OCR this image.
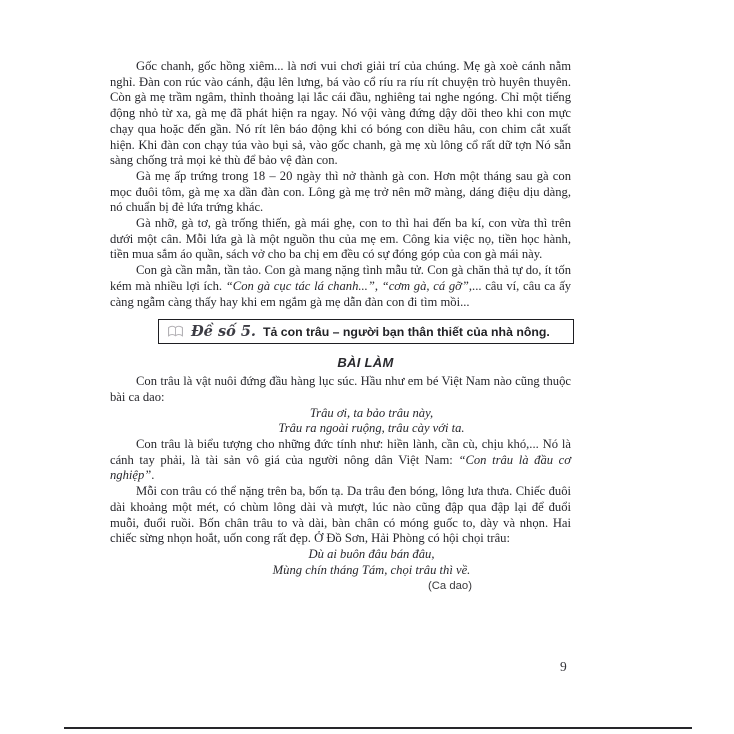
Gốc chanh, gốc hồng xiêm... là nơi vui chơi giải trí của chúng. Mẹ gà xoè cánh nằm nghỉ. Đàn con rúc vào cánh, đậu lên lưng, bá vào cổ ríu ra ríu rít chuyện trò huyên thuyên. Còn gà mẹ trầm ngâm, thỉnh thoảng lại lắc cái đầu, nghiêng tai nghe ngóng. Chỉ một tiếng động nhỏ từ xa, gà mẹ đã phát hiện ra ngay. Nó vội vàng đứng dậy dõi theo khi con mực chạy qua hoặc đến gần. Nó rít lên báo động khi có bóng con diều hâu, con chim cắt xuất hiện. Khi đàn con chạy túa vào bụi sả, vào gốc chanh, gà mẹ xù lông cổ rất dữ tợn Nó sẵn sàng chống trả mọi kẻ thù để bảo vệ đàn con.

Gà mẹ ấp trứng trong 18 – 20 ngày thì nở thành gà con. Hơn một tháng sau gà con mọc đuôi tôm, gà mẹ xa dần đàn con. Lông gà mẹ trở nên mỡ màng, dáng điệu dịu dàng, nó chuẩn bị đẻ lứa trứng khác.

Gà nhỡ, gà tơ, gà trống thiến, gà mái ghẹ, con to thì hai đến ba kí, con vừa thì trên dưới một cân. Mỗi lứa gà là một nguồn thu của mẹ em. Công kia việc nọ, tiền học hành, tiền mua sắm áo quần, sách vở cho ba chị em đều có sự đóng góp của con gà mái này.

Con gà cần mẫn, tần tảo. Con gà mang nặng tình mẫu tử. Con gà chăn thả tự do, ít tốn kém mà nhiều lợi ích. “Con gà cục tác lá chanh...”, “cơm gà, cá gỡ”,... câu ví, câu ca ấy càng ngẫm càng thấy hay khi em ngắm gà mẹ dẫn đàn con đi tìm mồi...

Đề số 5. Tả con trâu – người bạn thân thiết của nhà nông.
BÀI LÀM

Con trâu là vật nuôi đứng đầu hàng lục súc. Hầu như em bé Việt Nam nào cũng thuộc bài ca dao:

Trâu ơi, ta bảo trâu này,
Trâu ra ngoài ruộng, trâu cày với ta.

Con trâu là biểu tượng cho những đức tính như: hiền lành, cần cù, chịu khó,... Nó là cánh tay phải, là tài sản vô giá của người nông dân Việt Nam: “Con trâu là đầu cơ nghiệp”.

Mỗi con trâu có thể nặng trên ba, bốn tạ. Da trâu đen bóng, lông lưa thưa. Chiếc đuôi dài khoảng một mét, có chùm lông dài và mượt, lúc nào cũng đập qua đập lại để đuổi muỗi, đuổi ruồi. Bốn chân trâu to và dài, bàn chân có móng guốc to, dày và nhọn. Hai chiếc sừng nhọn hoắt, uốn cong rất đẹp. Ở Đồ Sơn, Hải Phòng có hội chọi trâu:

Dù ai buôn đâu bán đâu,
Mùng chín tháng Tám, chọi trâu thì về.
(Ca dao)
9
